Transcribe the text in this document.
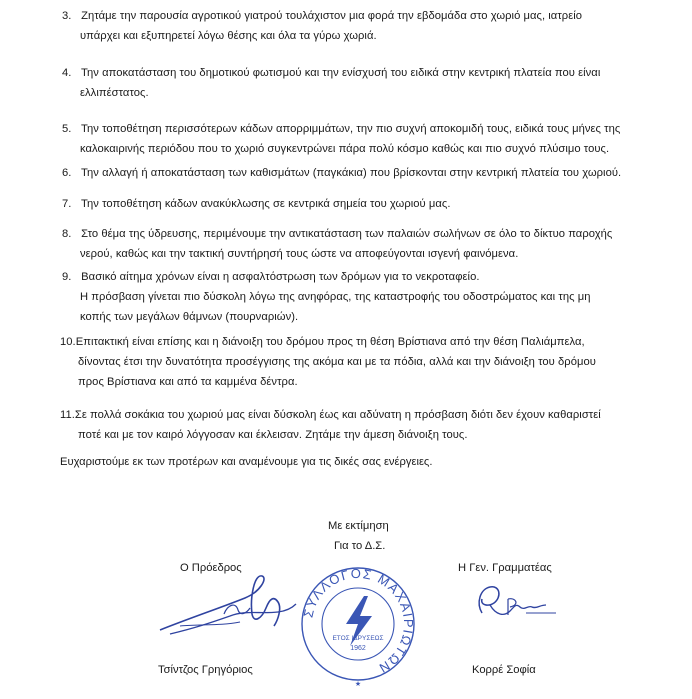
3. Ζητάμε την παρουσία αγροτικού γιατρού τουλάχιστον μια φορά την εβδομάδα στο χωριό μας, ιατρείο
υπάρχει και εξυπηρετεί λόγω θέσης και όλα τα γύρω χωριά.
4. Την αποκατάσταση του δημοτικού φωτισμού και την ενίσχυσή του ειδικά στην κεντρική πλατεία που είναι
ελλιπέστατος.
5. Την τοποθέτηση περισσότερων κάδων απορριμμάτων, την πιο συχνή αποκομιδή τους, ειδικά τους μήνες της
καλοκαιρινής περιόδου που το χωριό συγκεντρώνει πάρα πολύ κόσμο καθώς και πιο συχνό πλύσιμο τους.
6. Την αλλαγή ή αποκατάσταση των καθισμάτων (παγκάκια) που βρίσκονται στην κεντρική πλατεία του χωριού.
7. Την τοποθέτηση κάδων ανακύκλωσης σε κεντρικά σημεία του χωριού μας.
8. Στο θέμα της ύδρευσης, περιμένουμε την αντικατάσταση των παλαιών σωλήνων σε όλο το δίκτυο παροχής
νερού, καθώς και την τακτική συντήρησή τους ώστε να αποφεύγονται ισγενή φαινόμενα.
9. Βασικό αίτημα χρόνων είναι η ασφαλτόστρωση των δρόμων για το νεκροταφείο.
Η πρόσβαση γίνεται πιο δύσκολη λόγω της ανηφόρας, της καταστροφής του οδοστρώματος και της μη
κοπής των μεγάλων θάμνων (πουρναριών).
10.Επιτακτική είναι επίσης και η διάνοιξη του δρόμου προς τη θέση Βρίστιανα από την θέση Παλιάμπελα,
δίνοντας έτσι την δυνατότητα προσέγγισης της ακόμα και με τα πόδια, αλλά και την διάνοιξη του δρόμου
προς Βρίστιανα και από τα καμμένα δέντρα.
11.Σε πολλά σοκάκια του χωριού μας είναι δύσκολη έως και αδύνατη η πρόσβαση διότι δεν έχουν καθαριστεί
ποτέ και με τον καιρό λόγγοσαν και έκλεισαν. Ζητάμε την άμεση διάνοιξη τους.
Ευχαριστούμε εκ των προτέρων και αναμένουμε για τις δικές σας ενέργειες.
Με εκτίμηση
Για το Δ.Σ.
Ο Πρόεδρος	Η Γεν. Γραμματέας
Τσίντζος Γρηγόριος	Κορρέ Σοφία
ΣΥΛΛΟΓΟΣ ΜΑΧΑΙΡΙΩΤΩΝ
ΕΤΟΣ ΙΔΡΥΣΕΩΣ
1962
★
